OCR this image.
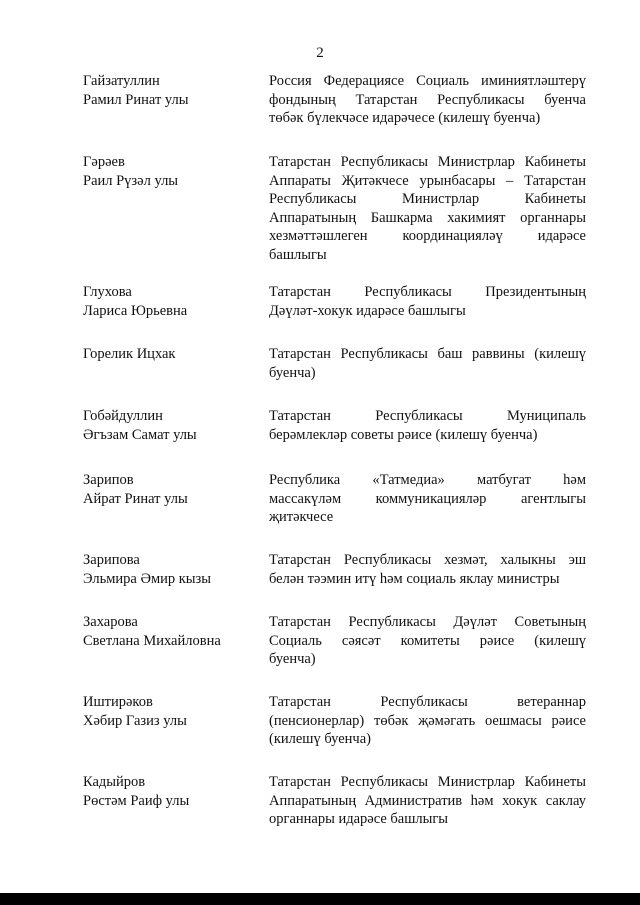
2
Гайзатуллин
Рамил Ринат улы
Россия Федерациясе Социаль иминиятләштерү
фондының Татарстан Республикасы буенча
төбәк бүлекчәсе идарәчесе (килешү буенча)
Гәрәев
Раил Рүзәл улы
Татарстан Республикасы Министрлар Кабинеты
Аппараты Җитәкчесе урынбасары – Татарстан
Республикасы Министрлар Кабинеты
Аппаратының Башкарма хакимият органнары
хезмәттәшлеген координацияләү идарәсе
башлыгы
Глухова
Лариса Юрьевна
Татарстан Республикасы Президентының
Дәүләт-хокук идарәсе башлыгы
Горелик Ицхак	Татарстан Республикасы баш раввины (килешү
буенча)
Гобәйдуллин
Әгъзам Самат улы
Татарстан Республикасы Муниципаль
берәмлекләр советы рәисе (килешү буенча)
Зарипов
Айрат Ринат улы
Республика «Татмедиа» матбугат һәм
массакүләм коммуникацияләр агентлыгы
җитәкчесе
Зарипова
Эльмира Әмир кызы
Татарстан Республикасы хезмәт, халыкны эш
белән тәэмин итү һәм социаль яклау министры
Захарова
Светлана Михайловна
Татарстан Республикасы Дәүләт Советының
Социаль сәясәт комитеты рәисе (килешү
буенча)
Иштирәков
Хәбир Газиз улы
Татарстан Республикасы ветераннар
(пенсионерлар) төбәк җәмәгать оешмасы рәисе
(килешү буенча)
Кадыйров
Рөстәм Раиф улы
Татарстан Республикасы Министрлар Кабинеты
Аппаратының Административ һәм хокук саклау
органнары идарәсе башлыгы
